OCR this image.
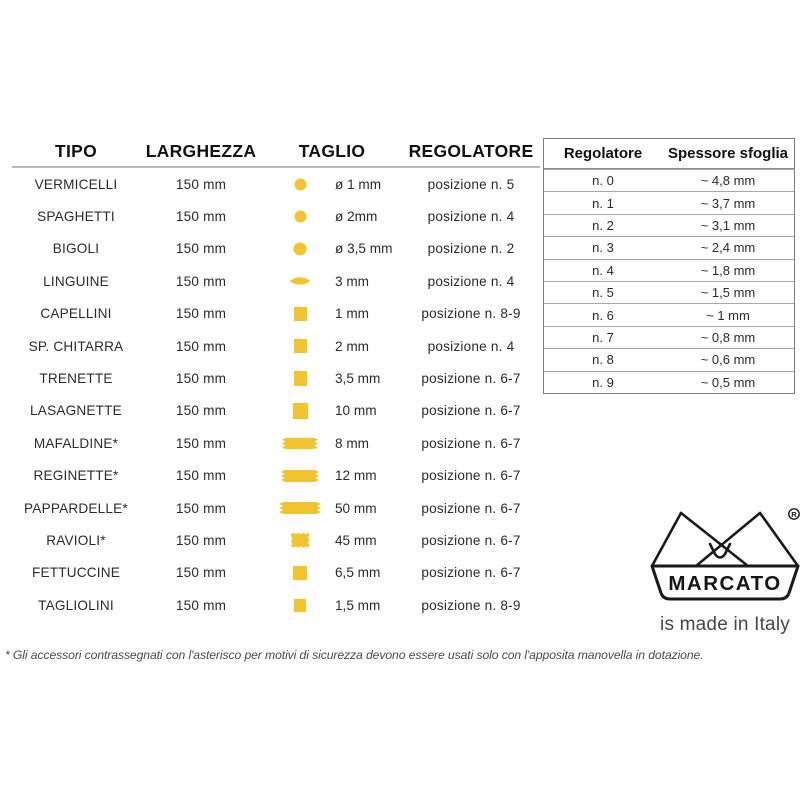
TIPO	LARGHEZZA	TAGLIO	REGOLATORE
VERMICELLI	150 mm	ø 1 mm	posizione n. 5
SPAGHETTI	150 mm	ø 2mm	posizione n. 4
BIGOLI	150 mm	ø 3,5 mm	posizione n. 2
LINGUINE	150 mm	3 mm	posizione n. 4
CAPELLINI	150 mm	1 mm	posizione n. 8-9
SP. CHITARRA	150 mm	2 mm	posizione n. 4
TRENETTE	150 mm	3,5 mm	posizione n. 6-7
LASAGNETTE	150 mm	10 mm	posizione n. 6-7
MAFALDINE*	150 mm	8 mm	posizione n. 6-7
REGINETTE*	150 mm	12 mm	posizione n. 6-7
PAPPARDELLE*	150 mm	50 mm	posizione n. 6-7
RAVIOLI*	150 mm	45 mm	posizione n. 6-7
FETTUCCINE	150 mm	6,5 mm	posizione n. 6-7
TAGLIOLINI	150 mm	1,5 mm	posizione n. 8-9
Regolatore	Spessore sfoglia
n. 0	~ 4,8 mm
n. 1	~ 3,7 mm
n. 2	~ 3,1 mm
n. 3	~ 2,4 mm
n. 4	~ 1,8 mm
n. 5	~ 1,5 mm
n. 6	~ 1 mm
n. 7	~ 0,8 mm
n. 8	~ 0,6 mm
n. 9	~ 0,5 mm
R
MARCATO
is made in Italy
* Gli accessori contrassegnati con l'asterisco per motivi di sicurezza devono essere usati solo con l'apposita manovella in dotazione.
